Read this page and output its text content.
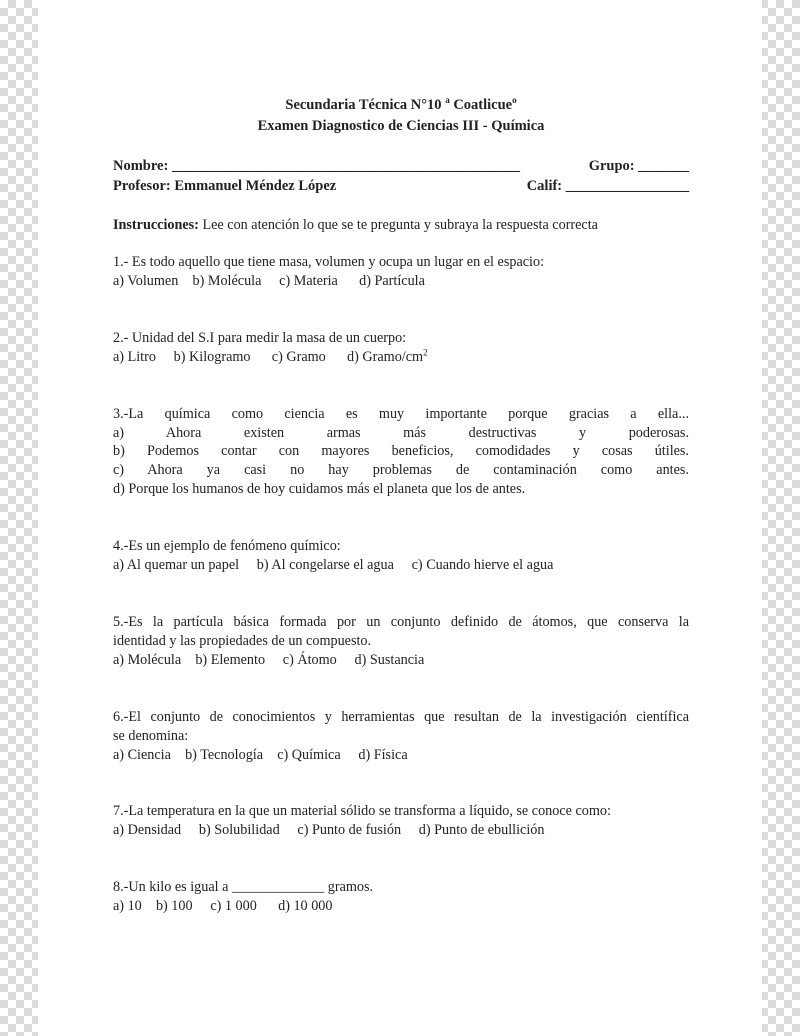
Secundaria Técnica N°10 $^a$ Coatlicue$^o$
Examen Diagnostico de Ciencias III - Química
Nombre: ________________________________________________	Grupo: _______
Profesor: Emmanuel Méndez López	Calif: _________________
Instrucciones: Lee con atención lo que se te pregunta y subraya la respuesta correcta
1.- Es todo aquello que tiene masa, volumen y ocupa un lugar en el espacio:
a) Volumen    b) Molécula     c) Materia      d) Partícula
2.- Unidad del S.I para medir la masa de un cuerpo:
a) Litro     b) Kilogramo      c) Gramo      d) Gramo/$cm^2$
3.-La química como ciencia es muy importante porque gracias a ella...
a) Ahora existen armas más destructivas y poderosas.
b) Podemos contar con mayores beneficios, comodidades y cosas útiles.
c) Ahora ya casi no hay problemas de contaminación como antes.
d) Porque los humanos de hoy cuidamos más el planeta que los de antes.
4.-Es un ejemplo de fenómeno químico:
a) Al quemar un papel     b) Al congelarse el agua     c) Cuando hierve el agua
5.-Es la partícula básica formada por un conjunto definido de átomos, que conserva la
identidad y las propiedades de un compuesto.
a) Molécula    b) Elemento     c) Átomo     d) Sustancia
6.-El conjunto de conocimientos y herramientas que resultan de la investigación científica
se denomina:
a) Ciencia    b) Tecnología    c) Química     d) Física
7.-La temperatura en la que un material sólido se transforma a líquido, se conoce como:
a) Densidad     b) Solubilidad     c) Punto de fusión     d) Punto de ebullición
8.-Un kilo es igual a _____________ gramos.
a) 10    b) 100     c) 1 000      d) 10 000
